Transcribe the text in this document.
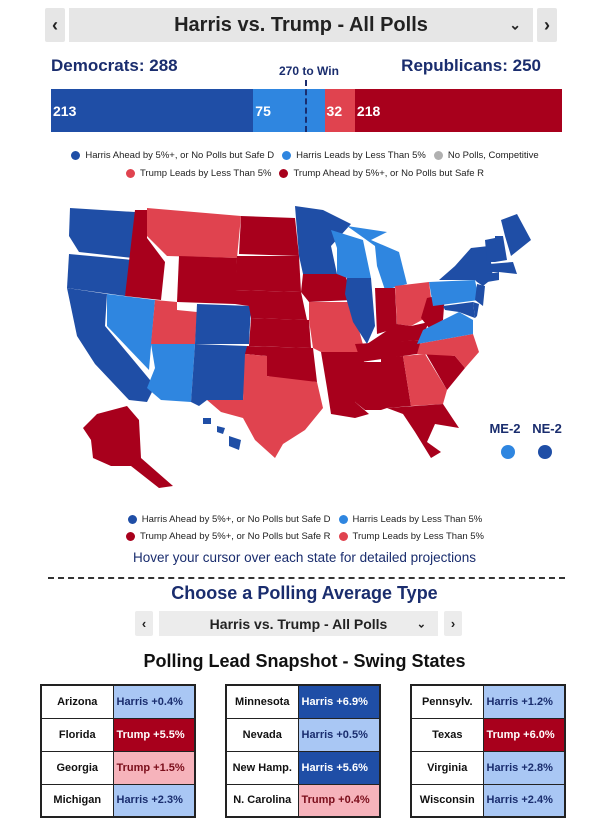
‹	Harris vs. Trump - All Polls	⌄ ›
Democrats: 288	Republicans: 250
270 to Win
213	75	32	218
Harris Ahead by 5%+, or No Polls but Safe D Harris Leads by Less Than 5% No Polls, Competitive
Trump Leads by Less Than 5% Trump Ahead by 5%+, or No Polls but Safe R
ME-2 NE-2
Harris Ahead by 5%+, or No Polls but Safe D Harris Leads by Less Than 5%
Trump Ahead by 5%+, or No Polls but Safe R Trump Leads by Less Than 5%
Hover your cursor over each state for detailed projections
Choose a Polling Average Type
‹	Harris vs. Trump - All Polls	⌄ ›
Polling Lead Snapshot - Swing States
Arizona	Harris +0.4%
Florida	Trump +5.5%
Georgia	Trump +1.5%
Michigan	Harris +2.3%
Minnesota	Harris +6.9%
Nevada	Harris +0.5%
New Hamp.	Harris +5.6%
N. Carolina	Trump +0.4%
Pennsylv.	Harris +1.2%
Texas	Trump +6.0%
Virginia	Harris +2.8%
Wisconsin	Harris +2.4%
